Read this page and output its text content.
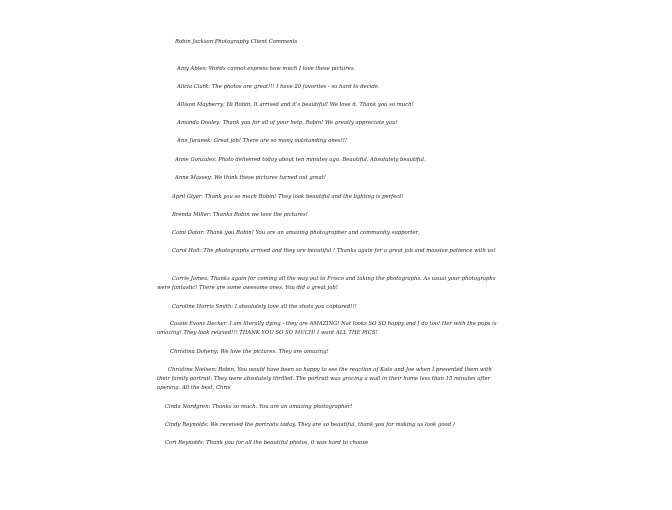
Robin Jackson Photography Client Comments
Amy Ables: Words cannot express how much I love these pictures.
Alicia Clark: The photos are great!!! I have 20 favorites - so hard to decide.
Allison Mayberry: Hi Robin, It arrived and it's beautiful! We love it. Thank you so much!
Amanda Dooley: Thank you for all of your help, Robin! We greatly appreciate you!
Ann Juranek: Great job! There are so many outstanding ones!!!
Anne Gonzales: Photo delivered today about ten minutes ago. Beautiful. Absolutely beautiful.
Anne Massey: We think these pictures turned out great!
April Glyer: Thank you so much Robin! They look beautiful and the lighting is perfect!
Brenda Miller: Thanks Robin we love the pictures!
Cami Dator: Thank you Robin! You are an amazing photographer and community supporter.
Carol Holt: The photographs arrived and they are beautiful ! Thanks again for a great job and massive patience with us!
Carrie James: Thanks again for coming all the way out to Frisco and taking the photographs. As usual your photographs were fantastic! There are some awesome ones. You did a great job!
Caroline Harris Smith: I absolutely love all the shots you captured!!!
Cassie Evans Decker: I am literally dying - they are AMAZING! Nat looks SO SO happy and I do too! Her with the pups is amazing! They look relaxed!!! THANK YOU SO SO MUCH! I want ALL THE PICS!
Christina Doheny: We love the pictures. They are amazing!
Christine Nielsen: Robin, You would have been so happy to see the reaction of Kate and Joe when I presented them with their family portrait. They were absolutely thrilled. The portrait was gracing a wall in their home less than 15 minutes after opening. All the best, Chris
Cinda Nordgren: Thanks so much. You are an amazing photographer!
Cindy Reynolds: We received the portraits today. They are so beautiful, thank you for making us look good.)
Cori Reynolds: Thank you for all the beautiful photos, it was hard to choose
